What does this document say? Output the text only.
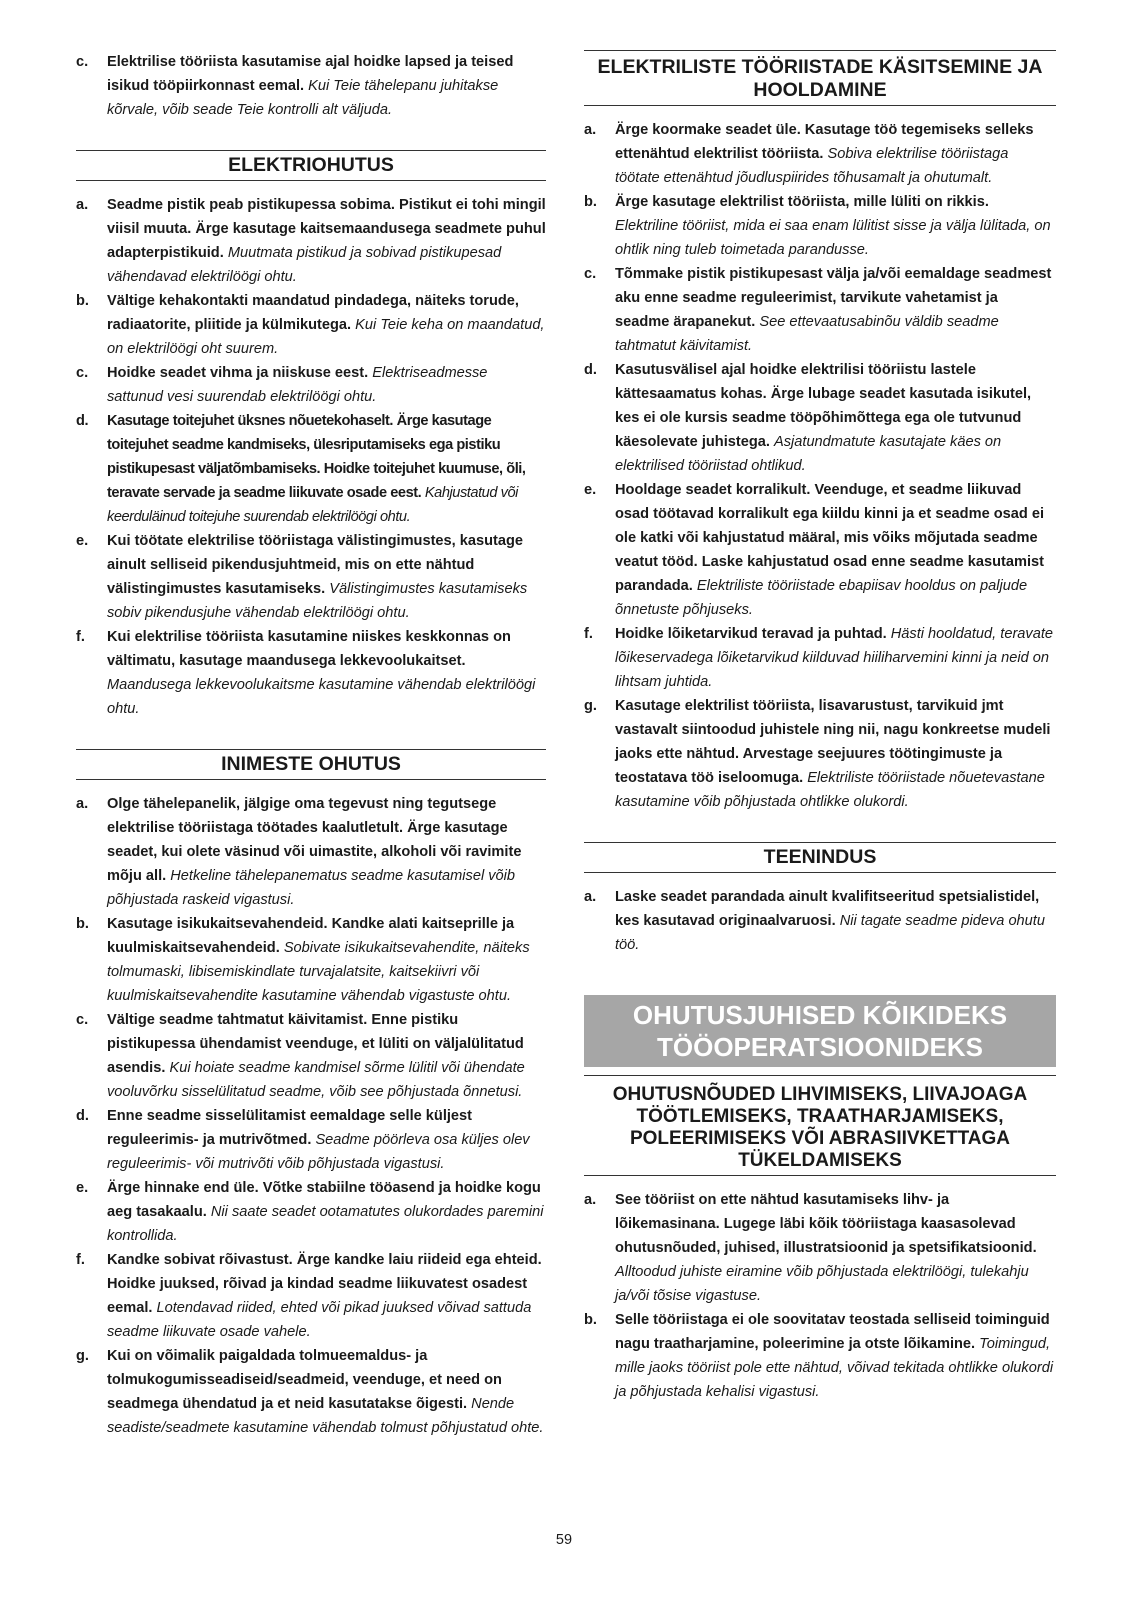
c.	Elektrilise tööriista kasutamise ajal hoidke lapsed ja teised isikud tööpiirkonnast eemal. Kui Teie tähelepanu juhitakse kõrvale, võib seade Teie kontrolli alt väljuda.
ELEKTRIOHUTUS
a.	Seadme pistik peab pistikupessa sobima. Pistikut ei tohi mingil viisil muuta. Ärge kasutage kaitsemaandusega seadmete puhul adapterpistikuid. Muutmata pistikud ja sobivad pistikupesad vähendavad elektrilöögi ohtu.
b.	Vältige kehakontakti maandatud pindadega, näiteks torude, radiaatorite, pliitide ja külmikutega. Kui Teie keha on maandatud, on elektrilöögi oht suurem.
c.	Hoidke seadet vihma ja niiskuse eest. Elektriseadmesse sattunud vesi suurendab elektrilöögi ohtu.
d.	Kasutage toitejuhet üksnes nõuetekohaselt. Ärge kasutage toitejuhet seadme kandmiseks, ülesriputamiseks ega pistiku pistikupesast väljatõmbamiseks. Hoidke toitejuhet kuumuse, õli, teravate servade ja seadme liikuvate osade eest. Kahjustatud või keerduläinud toitejuhe suurendab elektrilöögi ohtu.
e.	Kui töötate elektrilise tööriistaga välistingimustes, kasutage ainult selliseid pikendusjuhtmeid, mis on ette nähtud välistingimustes kasutamiseks. Välistingimustes kasutamiseks sobiv pikendusjuhe vähendab elektrilöögi ohtu.
f.	Kui elektrilise tööriista kasutamine niiskes keskkonnas on vältimatu, kasutage maandusega lekkevoolukaitset. Maandusega lekkevoolukaitsme kasutamine vähendab elektrilöögi ohtu.
INIMESTE OHUTUS
a.	Olge tähelepanelik, jälgige oma tegevust ning tegutsege elektrilise tööriistaga töötades kaalutletult. Ärge kasutage seadet, kui olete väsinud või uimastite, alkoholi või ravimite mõju all. Hetkeline tähelepanematus seadme kasutamisel võib põhjustada raskeid vigastusi.
b.	Kasutage isikukaitsevahendeid. Kandke alati kaitseprille ja kuulmiskaitsevahendeid. Sobivate isikukaitsevahendite, näiteks tolmumaski, libisemiskindlate turvajalatsite, kaitsekiivri või kuulmiskaitsevahendite kasutamine vähendab vigastuste ohtu.
c.	Vältige seadme tahtmatut käivitamist. Enne pistiku pistikupessa ühendamist veenduge, et lüliti on väljalülitatud asendis. Kui hoiate seadme kandmisel sõrme lülitil või ühendate vooluvõrku sisselülitatud seadme, võib see põhjustada õnnetusi.
d.	Enne seadme sisselülitamist eemaldage selle küljest reguleerimis- ja mutrivõtmed. Seadme pöörleva osa küljes olev reguleerimis- või mutrivõti võib põhjustada vigastusi.
e.	Ärge hinnake end üle. Võtke stabiilne tööasend ja hoidke kogu aeg tasakaalu. Nii saate seadet ootamatutes olukordades paremini kontrollida.
f.	Kandke sobivat rõivastust. Ärge kandke laiu riideid ega ehteid. Hoidke juuksed, rõivad ja kindad seadme liikuvatest osadest eemal. Lotendavad riided, ehted või pikad juuksed võivad sattuda seadme liikuvate osade vahele.
g.	Kui on võimalik paigaldada tolmueemaldus- ja tolmukogumisseadiseid/seadmeid, veenduge, et need on seadmega ühendatud ja et neid kasutatakse õigesti. Nende seadiste/seadmete kasutamine vähendab tolmust põhjustatud ohte.
ELEKTRILISTE TÖÖRIISTADE KÄSITSEMINE JA
HOOLDAMINE
a.	Ärge koormake seadet üle. Kasutage töö tegemiseks selleks ettenähtud elektrilist tööriista. Sobiva elektrilise tööriistaga töötate ettenähtud jõudluspiirides tõhusamalt ja ohutumalt.
b.	Ärge kasutage elektrilist tööriista, mille lüliti on rikkis. Elektriline tööriist, mida ei saa enam lülitist sisse ja välja lülitada, on ohtlik ning tuleb toimetada parandusse.
c.	Tõmmake pistik pistikupesast välja ja/või eemaldage seadmest aku enne seadme reguleerimist, tarvikute vahetamist ja seadme ärapanekut. See ettevaatusabinõu väldib seadme tahtmatut käivitamist.
d.	Kasutusvälisel ajal hoidke elektrilisi tööriistu lastele kättesaamatus kohas. Ärge lubage seadet kasutada isikutel, kes ei ole kursis seadme tööpõhimõttega ega ole tutvunud käesolevate juhistega. Asjatundmatute kasutajate käes on elektrilised tööriistad ohtlikud.
e.	Hooldage seadet korralikult. Veenduge, et seadme liikuvad osad töötavad korralikult ega kiildu kinni ja et seadme osad ei ole katki või kahjustatud määral, mis võiks mõjutada seadme veatut tööd. Laske kahjustatud osad enne seadme kasutamist parandada. Elektriliste tööriistade ebapiisav hooldus on paljude õnnetuste põhjuseks.
f.	Hoidke lõiketarvikud teravad ja puhtad. Hästi hooldatud, teravate lõikeservadega lõiketarvikud kiilduvad hiiliharvemini kinni ja neid on lihtsam juhtida.
g.	Kasutage elektrilist tööriista, lisavarustust, tarvikuid jmt vastavalt siintoodud juhistele ning nii, nagu konkreetse mudeli jaoks ette nähtud. Arvestage seejuures töötingimuste ja teostatava töö iseloomuga. Elektriliste tööriistade nõuetevastane kasutamine võib põhjustada ohtlikke olukordi.
TEENINDUS
a.	Laske seadet parandada ainult kvalifitseeritud spetsialistidel, kes kasutavad originaalvaruosi. Nii tagate seadme pideva ohutu töö.
OHUTUSJUHISED KÕIKIDEKS
TÖÖOPERATSIOONIDEKS
OHUTUSNÕUDED LIHVIMISEKS, LIIVAJOAGA
TÖÖTLEMISEKS, TRAATHARJAMISEKS,
POLEERIMISEKS VÕI ABRASIIVKETTAGA
TÜKELDAMISEKS
a.	See tööriist on ette nähtud kasutamiseks lihv- ja lõikemasinana. Lugege läbi kõik tööriistaga kaasasolevad ohutusnõuded, juhised, illustratsioonid ja spetsifikatsioonid. Alltoodud juhiste eiramine võib põhjustada elektrilöögi, tulekahju ja/või tõsise vigastuse.
b.	Selle tööriistaga ei ole soovitatav teostada selliseid toiminguid nagu traatharjamine, poleerimine ja otste lõikamine. Toimingud, mille jaoks tööriist pole ette nähtud, võivad tekitada ohtlikke olukordi ja põhjustada kehalisi vigastusi.
59
